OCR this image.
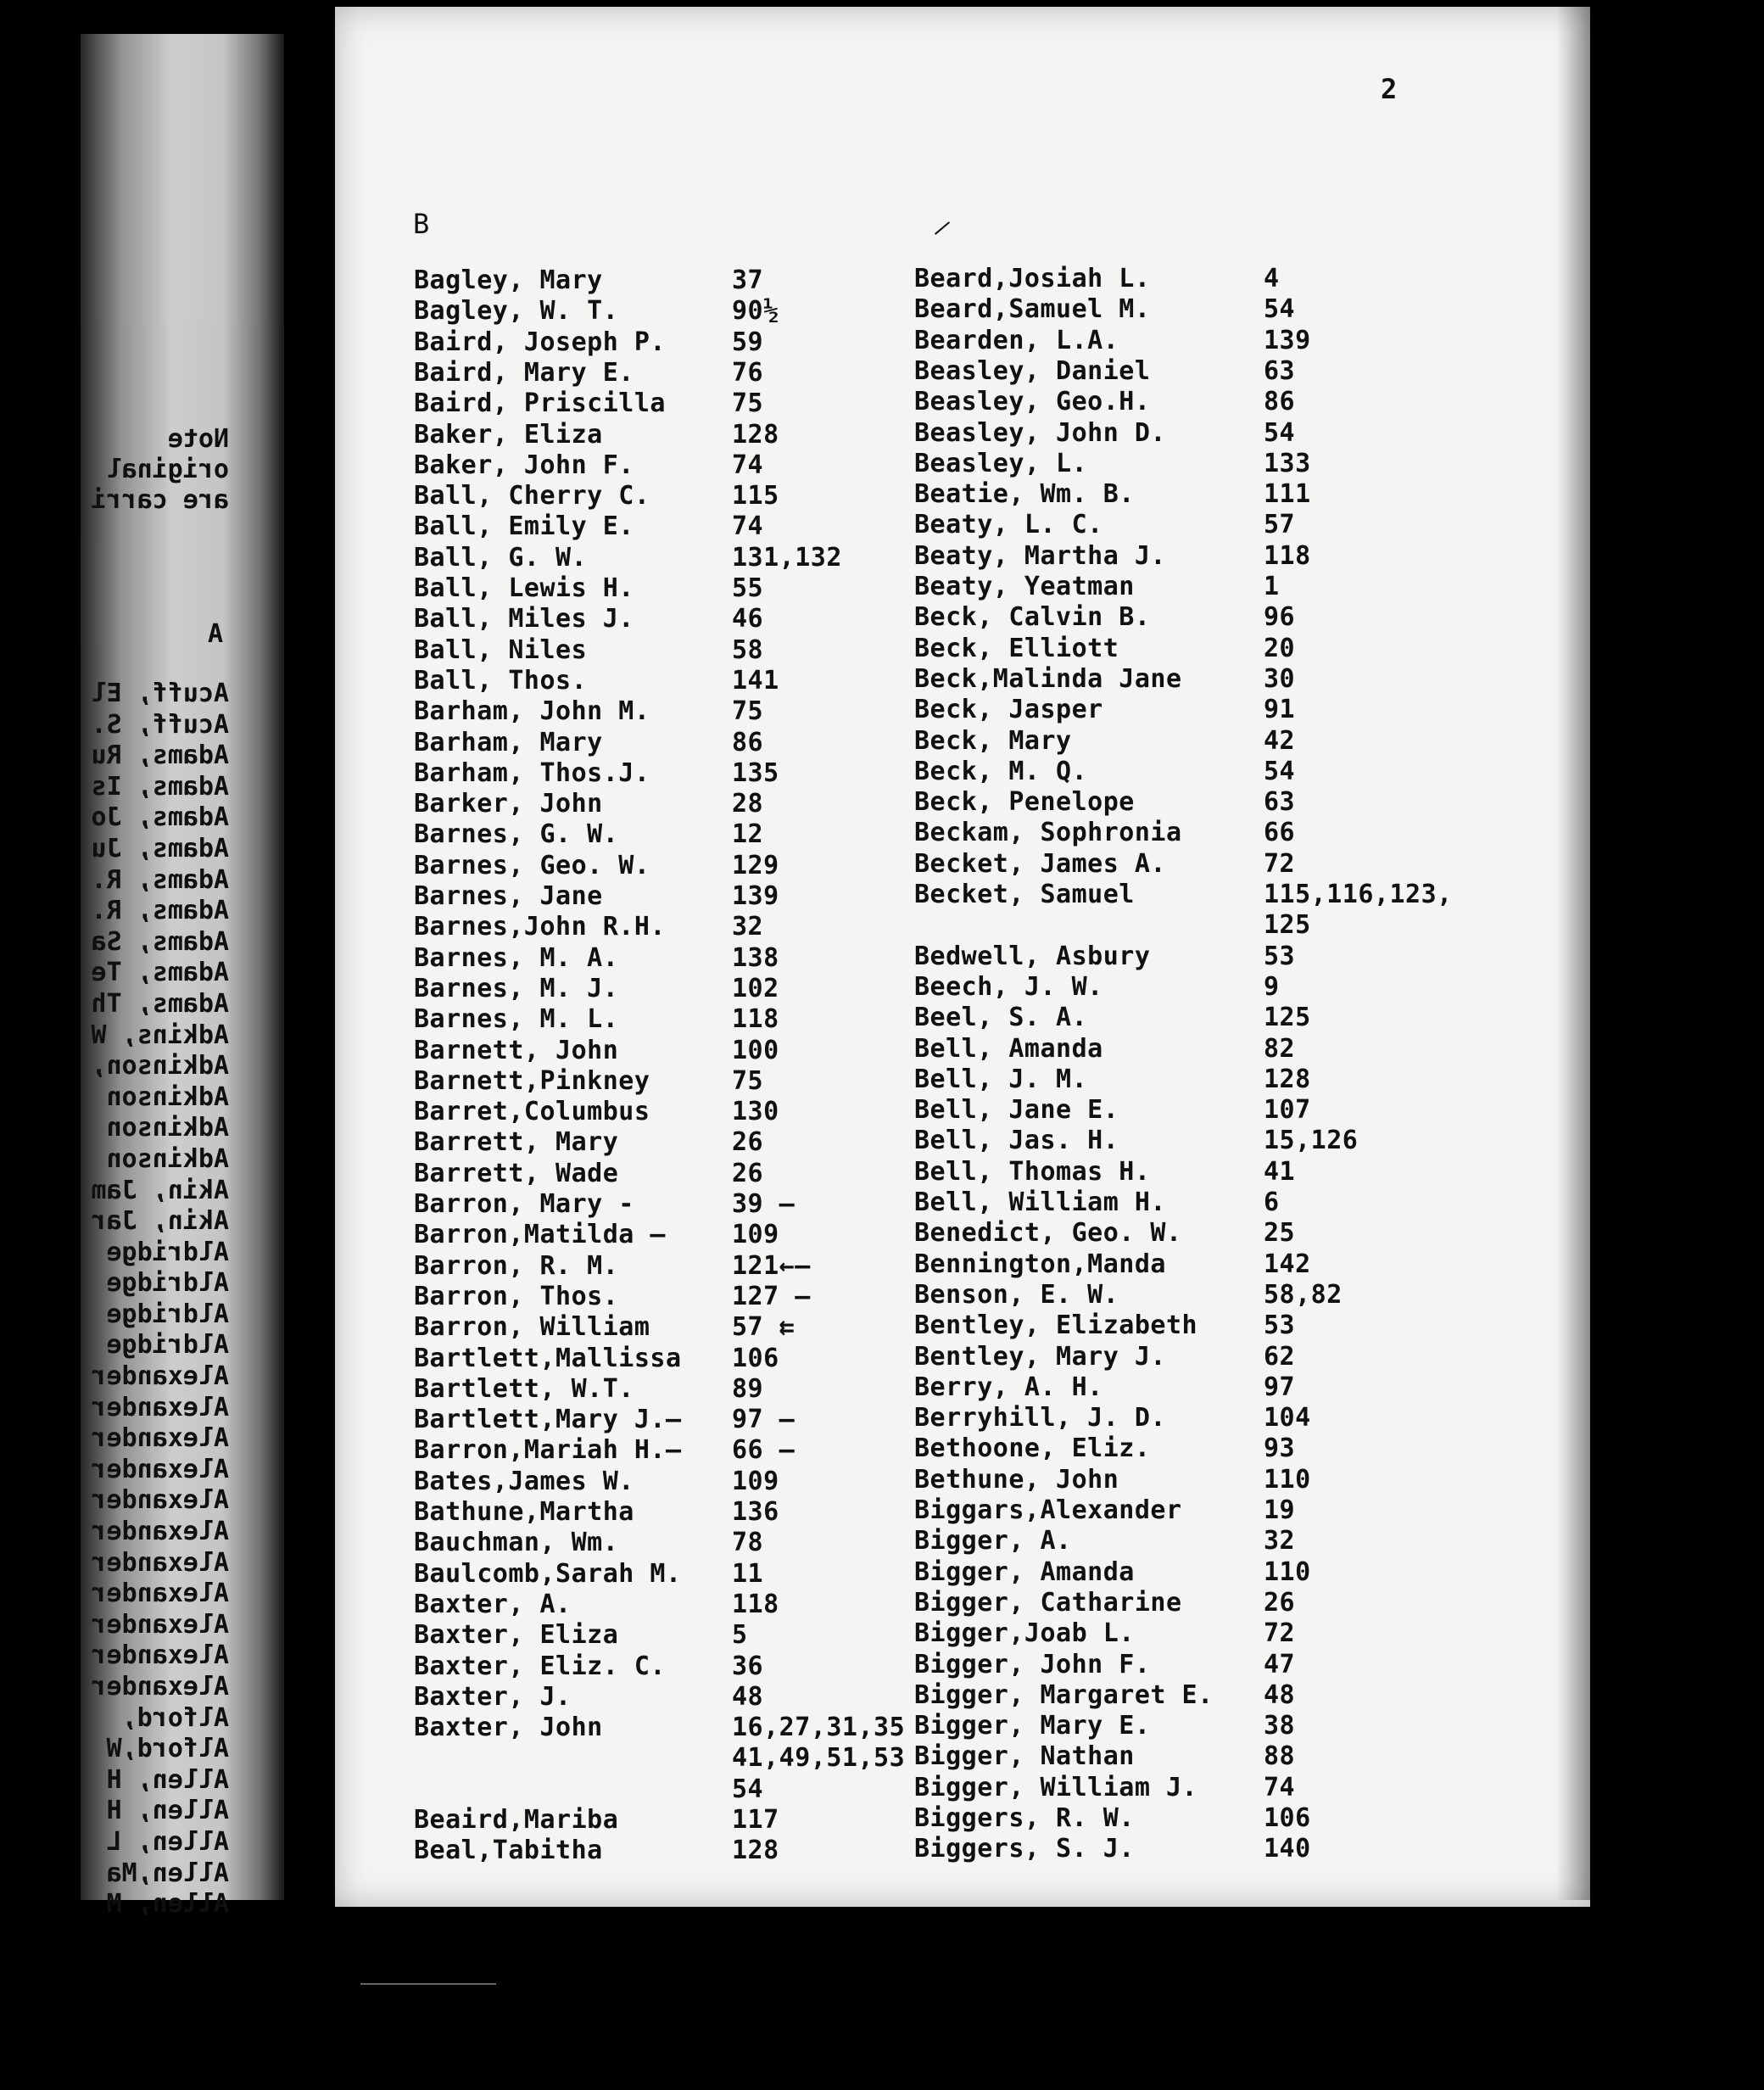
Note
original
are carri
A
Acuff, El
Acuff, S.
Adams, Ru
Adams, Is
Adams, Jo
Adams, Ju
Adams, R.
Adams, R.
Adams, Sa
Adams, Te
Adams, Th
Adkins, W
Adkinson,
Adkinson
Adkinson
Adkinson
Akin, Jam
Akin, Jar
Aldridge
Aldridge
Aldridge
Aldridge
Alexander
Alexander
Alexander
Alexander
Alexander
Alexander
Alexander
Alexander
Alexander
Alexander
Alexander
Alford,
Alford,W
Allen, H
Allen, H
Allen, L
Allen,Ma
Allen, M
2
B
Bagley, Mary	37
Bagley, W. T.	90½
Baird, Joseph P.	59
Baird, Mary E.	76
Baird, Priscilla	75
Baker, Eliza	128
Baker, John F.	74
Ball, Cherry C.	115
Ball, Emily E.	74
Ball, G. W.	131,132
Ball, Lewis H.	55
Ball, Miles J.	46
Ball, Niles	58
Ball, Thos.	141
Barham, John M.	75
Barham, Mary	86
Barham, Thos.J.	135
Barker, John	28
Barnes, G. W.	12
Barnes, Geo. W.	129
Barnes, Jane	139
Barnes,John R.H.	32
Barnes, M. A.	138
Barnes, M. J.	102
Barnes, M. L.	118
Barnett, John	100
Barnett,Pinkney	75
Barret,Columbus	130
Barrett, Mary	26
Barrett, Wade	26
Barron, Mary -	39 ―
Barron,Matilda –	109
Barron, R. M.	121←–
Barron, Thos.	127 –
Barron, William	57 ⇇
Bartlett,Mallissa 106
Bartlett, W.T.	89
Bartlett,Mary J.– 97 –
Barron,Mariah H.– 66 ―
Bates,James W.	109
Bathune,Martha	136
Bauchman, Wm.	78
Baulcomb,Sarah M. 11
Baxter, A.	118
Baxter, Eliza	5
Baxter, Eliz. C.	36
Baxter, J.	48
Baxter, John	16,27,31,35
41,49,51,53
54
Beaird,Mariba	117
Beal,Tabitha	128
Beard,Josiah L.	4
Beard,Samuel M.	54
Bearden, L.A.	139
Beasley, Daniel	63
Beasley, Geo.H.	86
Beasley, John D.	54
Beasley, L.	133
Beatie, Wm. B.	111
Beaty, L. C.	57
Beaty, Martha J.	118
Beaty, Yeatman	1
Beck, Calvin B.	96
Beck, Elliott	20
Beck,Malinda Jane	30
Beck, Jasper	91
Beck, Mary	42
Beck, M. Q.	54
Beck, Penelope	63
Beckam, Sophronia	66
Becket, James A.	72
Becket, Samuel	115,116,123,
125
Bedwell, Asbury	53
Beech, J. W.	9
Beel, S. A.	125
Bell, Amanda	82
Bell, J. M.	128
Bell, Jane E.	107
Bell, Jas. H.	15,126
Bell, Thomas H.	41
Bell, William H.	6
Benedict, Geo. W.	25
Bennington,Manda	142
Benson, E. W.	58,82
Bentley, Elizabeth	53
Bentley, Mary J.	62
Berry, A. H.	97
Berryhill, J. D.	104
Bethoone, Eliz.	93
Bethune, John	110
Biggars,Alexander	19
Bigger, A.	32
Bigger, Amanda	110
Bigger, Catharine	26
Bigger,Joab L.	72
Bigger, John F.	47
Bigger, Margaret E. 48
Bigger, Mary E.	38
Bigger, Nathan	88
Bigger, William J.	74
Biggers, R. W.	106
Biggers, S. J.	140
